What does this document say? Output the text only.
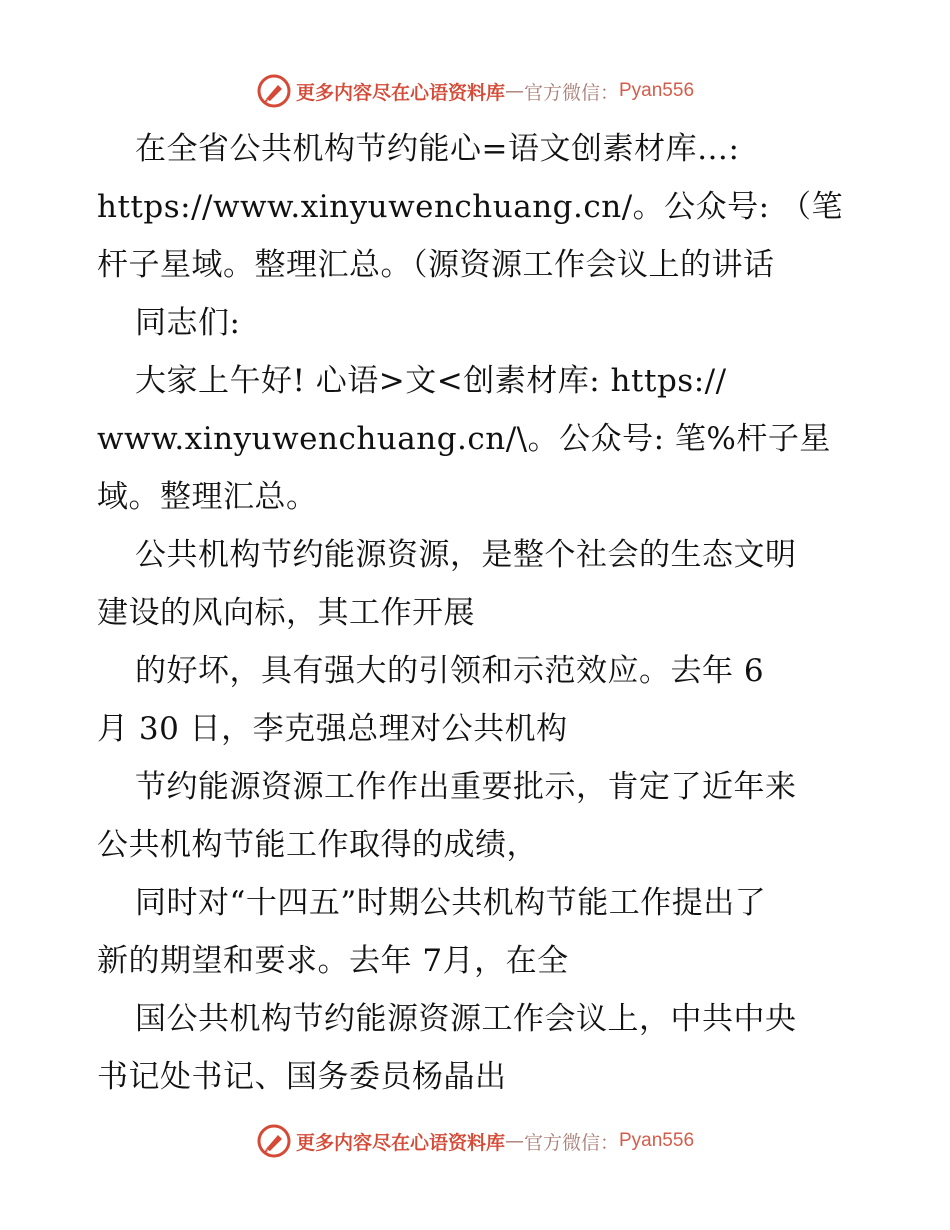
更多内容尽在心语资料库 — 官方微信： Pyan556
在全省公共机构节约能心=语文创素材库…:
https://www.xinyuwenchuang.cn/。公众号: （笔
杆子星域。整理汇总。（源资源工作会议上的讲话
同志们:
大家上午好! 心语>文<创素材库: https://
www.xinyuwenchuang.cn/\。公众号: 笔%杆子星
域。整理汇总。
公共机构节约能源资源，是整个社会的生态文明
建设的风向标，其工作开展
的好坏，具有强大的引领和示范效应。去年 6
月 30 日，李克强总理对公共机构
节约能源资源工作作出重要批示，肯定了近年来
公共机构节能工作取得的成绩，
同时对“十四五”时期公共机构节能工作提出了
新的期望和要求。去年 7月，在全
国公共机构节约能源资源工作会议上，中共中央
书记处书记、国务委员杨晶出
更多内容尽在心语资料库 — 官方微信： Pyan556
